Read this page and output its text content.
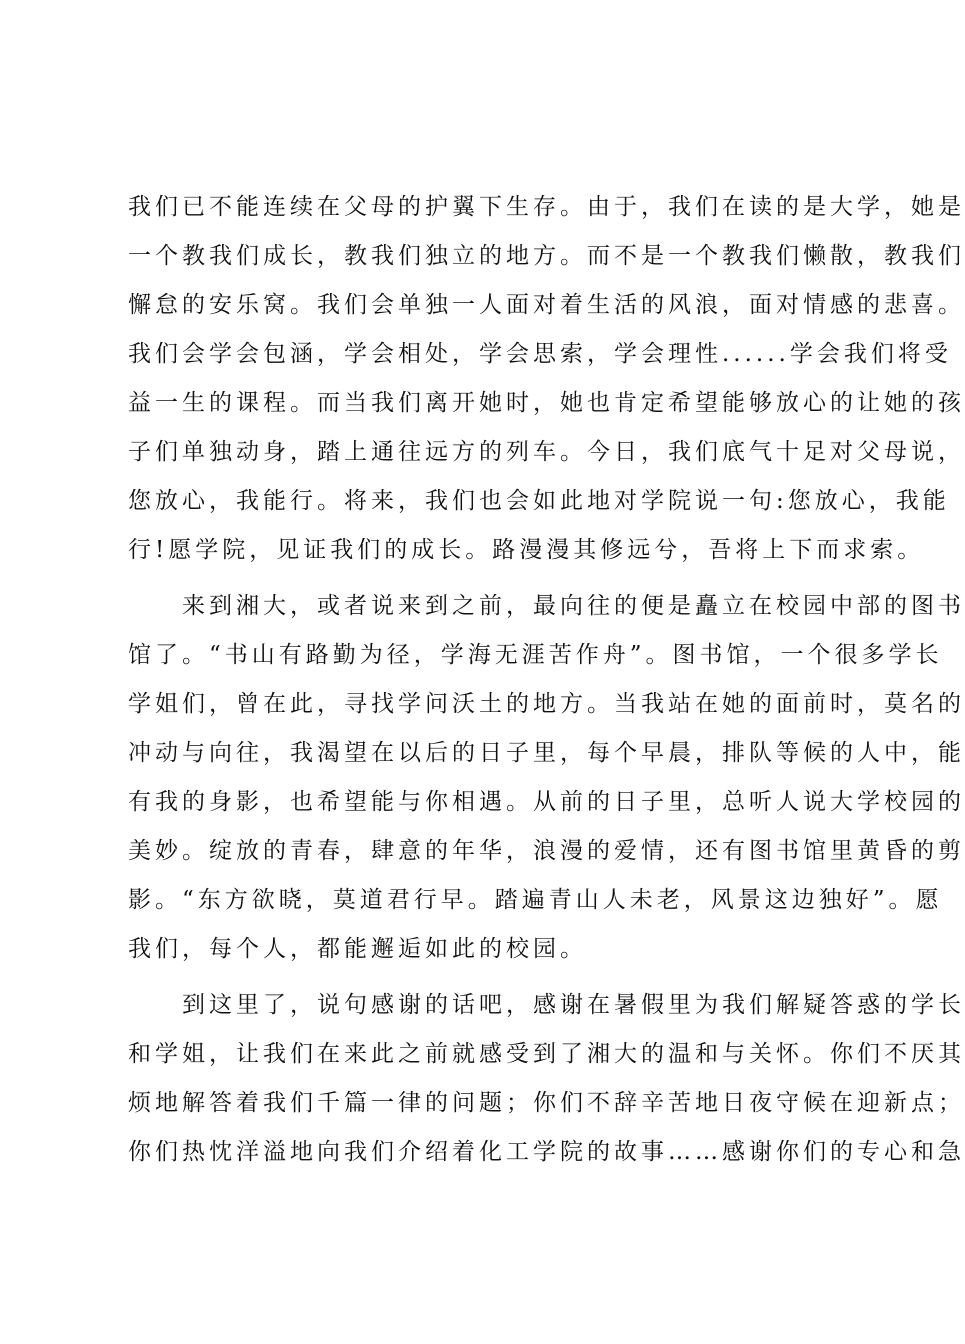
我们已不能连续在父母的护翼下生存。由于，我们在读的是大学，她是
一个教我们成长，教我们独立的地方。而不是一个教我们懒散，教我们
懈怠的安乐窝。我们会单独一人面对着生活的风浪，面对情感的悲喜。
我们会学会包涵，学会相处，学会思索，学会理性......学会我们将受
益一生的课程。而当我们离开她时，她也肯定希望能够放心的让她的孩
子们单独动身，踏上通往远方的列车。今日，我们底气十足对父母说，
您放心，我能行。将来，我们也会如此地对学院说一句:您放心，我能
行!愿学院，见证我们的成长。路漫漫其修远兮，吾将上下而求索。
来到湘大，或者说来到之前，最向往的便是矗立在校园中部的图书
馆了。“书山有路勤为径，学海无涯苦作舟”。图书馆，一个很多学长
学姐们，曾在此，寻找学问沃土的地方。当我站在她的面前时，莫名的
冲动与向往，我渴望在以后的日子里，每个早晨，排队等候的人中，能
有我的身影，也希望能与你相遇。从前的日子里，总听人说大学校园的
美妙。绽放的青春，肆意的年华，浪漫的爱情，还有图书馆里黄昏的剪
影。“东方欲晓，莫道君行早。踏遍青山人未老，风景这边独好”。愿
我们，每个人，都能邂逅如此的校园。
到这里了，说句感谢的话吧，感谢在暑假里为我们解疑答惑的学长
和学姐，让我们在来此之前就感受到了湘大的温和与关怀。你们不厌其
烦地解答着我们千篇一律的问题；你们不辞辛苦地日夜守候在迎新点；
你们热忱洋溢地向我们介绍着化工学院的故事……感谢你们的专心和急
